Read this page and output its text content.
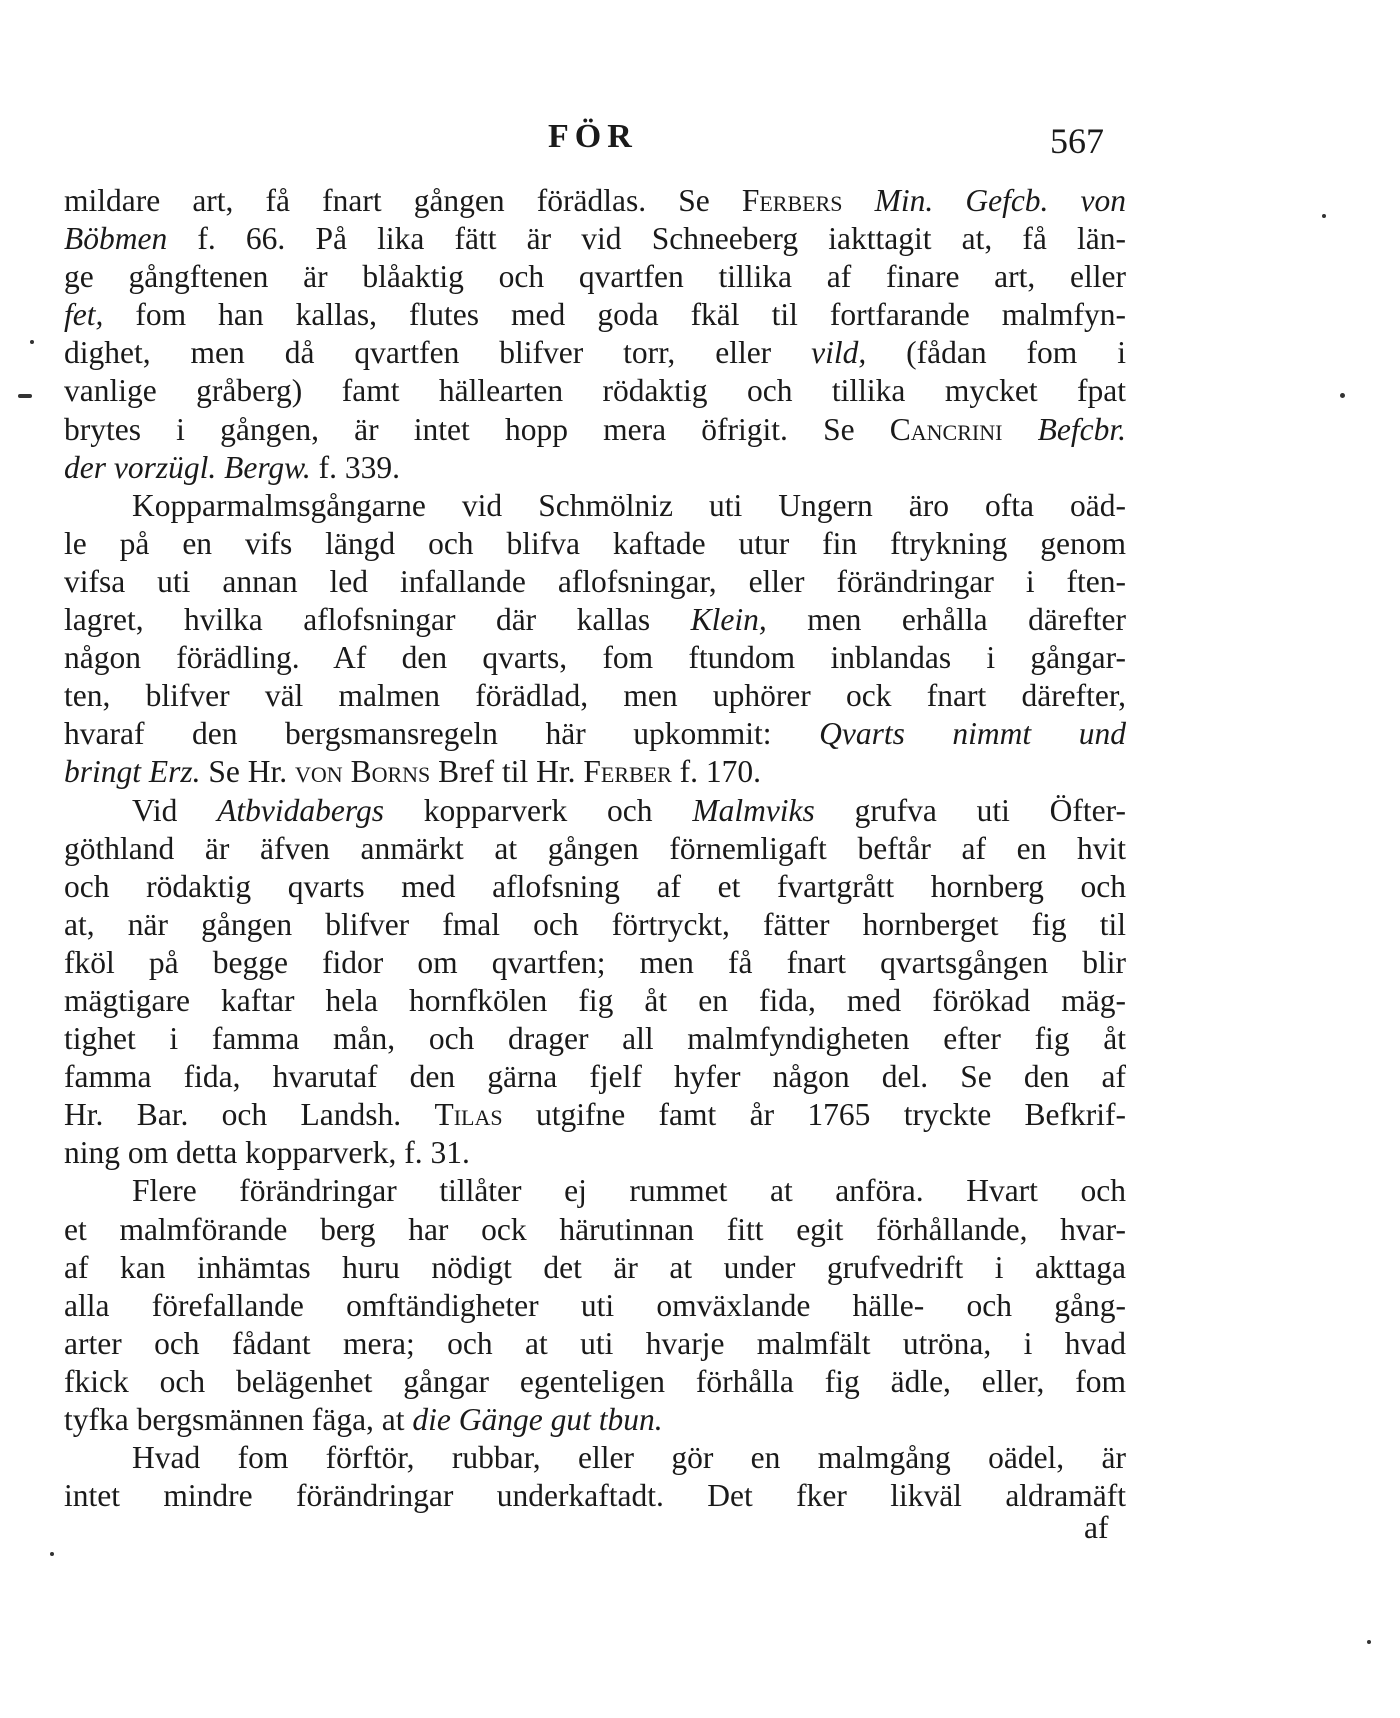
FÖR	567
mildare art, få fnart gången förädlas. Se Ferbers Min. Gefcb. von
Böbmen f. 66. På lika fätt är vid Schneeberg iakttagit at, få län-
ge gångftenen är blåaktig och qvartfen tillika af finare art, eller
fet, fom han kallas, flutes med goda fkäl til fortfarande malmfyn-
dighet, men då qvartfen blifver torr, eller vild, (fådan fom i
vanlige gråberg) famt hällearten rödaktig och tillika mycket fpat
brytes i gången, är intet hopp mera öfrigit. Se Cancrini Befcbr.
der vorzügl. Bergw. f. 339.
Kopparmalmsgångarne vid Schmölniz uti Ungern äro ofta oäd-
le på en vifs längd och blifva kaftade utur fin ftrykning genom
vifsa uti annan led infallande aflofsningar, eller förändringar i ften-
lagret, hvilka aflofsningar där kallas Klein, men erhålla därefter
någon förädling. Af den qvarts, fom ftundom inblandas i gångar-
ten, blifver väl malmen förädlad, men uphörer ock fnart därefter,
hvaraf den bergsmansregeln här upkommit: Qvarts nimmt und
bringt Erz. Se Hr. von Borns Bref til Hr. Ferber f. 170.
Vid Atbvidabergs kopparverk och Malmviks grufva uti Öfter-
göthland är äfven anmärkt at gången förnemligaft beftår af en hvit
och rödaktig qvarts med aflofsning af et fvartgrått hornberg och
at, när gången blifver fmal och förtryckt, fätter hornberget fig til
fköl på begge fidor om qvartfen; men få fnart qvartsgången blir
mägtigare kaftar hela hornfkölen fig åt en fida, med förökad mäg-
tighet i famma mån, och drager all malmfyndigheten efter fig åt
famma fida, hvarutaf den gärna fjelf hyfer någon del. Se den af
Hr. Bar. och Landsh. Tilas utgifne famt år 1765 tryckte Befkrif-
ning om detta kopparverk, f. 31.
Flere förändringar tillåter ej rummet at anföra. Hvart och
et malmförande berg har ock härutinnan fitt egit förhållande, hvar-
af kan inhämtas huru nödigt det är at under grufvedrift i akttaga
alla förefallande omftändigheter uti omväxlande hälle- och gång-
arter och fådant mera; och at uti hvarje malmfält utröna, i hvad
fkick och belägenhet gångar egenteligen förhålla fig ädle, eller, fom
tyfka bergsmännen fäga, at die Gänge gut tbun.
Hvad fom förftör, rubbar, eller gör en malmgång oädel, är
intet mindre förändringar underkaftadt. Det fker likväl aldramäft
af
